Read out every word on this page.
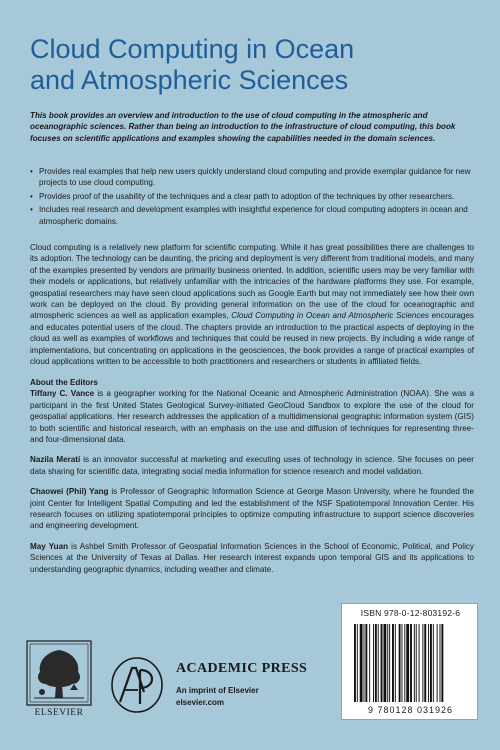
Cloud Computing in Ocean
and Atmospheric Sciences

This book provides an overview and introduction to the use of cloud computing in the atmospheric and oceanographic sciences. Rather than being an introduction to the infrastructure of cloud computing, this book focuses on scientific applications and examples showing the capabilities needed in the domain sciences.

• Provides real examples that help new users quickly understand cloud computing and provide exemplar guidance for new projects to use cloud computing.
• Provides proof of the usability of the techniques and a clear path to adoption of the techniques by other researchers.
• Includes real research and development examples with insightful experience for cloud computing adopters in ocean and atmospheric domains.

Cloud computing is a relatively new platform for scientific computing. While it has great possibilities there are challenges to its adoption. The technology can be daunting, the pricing and deployment is very different from traditional models, and many of the examples presented by vendors are primarily business oriented. In addition, scientific users may be very familiar with their models or applications, but relatively unfamiliar with the intricacies of the hardware platforms they use. For example, geospatial researchers may have seen cloud applications such as Google Earth but may not immediately see how their own work can be deployed on the cloud. By providing general information on the use of the cloud for oceanographic and atmospheric sciences as well as application examples, Cloud Computing in Ocean and Atmospheric Sciences encourages and educates potential users of the cloud. The chapters provide an introduction to the practical aspects of deploying in the cloud as well as examples of workflows and techniques that could be reused in new projects. By including a wide range of implementations, but concentrating on applications in the geosciences, the book provides a range of practical examples of cloud applications written to be accessible to both practitioners and researchers or students in affiliated fields.

About the Editors

Tiffany C. Vance is a geographer working for the National Oceanic and Atmospheric Administration (NOAA). She was a participant in the first United States Geological Survey-initiated GeoCloud Sandbox to explore the use of the cloud for geospatial applications. Her research addresses the application of a multidimensional geographic information system (GIS) to both scientific and historical research, with an emphasis on the use and diffusion of techniques for representing three- and four-dimensional data.

Nazila Merati is an innovator successful at marketing and executing uses of technology in science. She focuses on peer data sharing for scientific data, integrating social media information for science research and model validation.

Chaowei (Phil) Yang is Professor of Geographic Information Science at George Mason University, where he founded the joint Center for Intelligent Spatial Computing and led the establishment of the NSF Spatiotemporal Innovation Center. His research focuses on utilizing spatiotemporal principles to optimize computing infrastructure to support science discoveries and engineering development.

May Yuan is Ashbel Smith Professor of Geospatial Information Sciences in the School of Economic, Political, and Policy Sciences at the University of Texas at Dallas. Her research interest expands upon temporal GIS and its applications to understanding geographic dynamics, including weather and climate.

ELSEVIER
ACADEMIC PRESS
An imprint of Elsevier
elsevier.com
ISBN 978-0-12-803192-6
9 780128 031926
